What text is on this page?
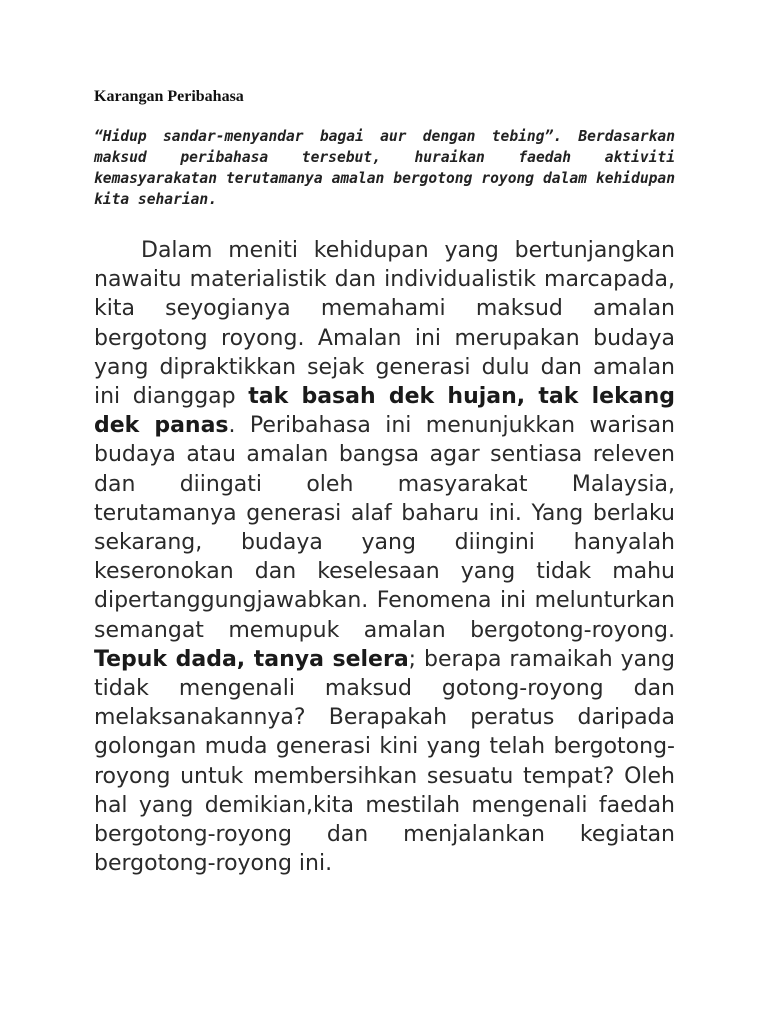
Karangan Peribahasa

“Hidup sandar-menyandar bagai aur dengan tebing”. Berdasarkan maksud peribahasa tersebut, huraikan faedah aktiviti kemasyarakatan terutamanya amalan bergotong royong dalam kehidupan kita seharian.

Dalam meniti kehidupan yang bertunjangkan nawaitu materialistik dan individualistik marcapada, kita seyogianya memahami maksud amalan bergotong royong. Amalan ini merupakan budaya yang dipraktikkan sejak generasi dulu dan amalan ini dianggap tak basah dek hujan, tak lekang dek panas. Peribahasa ini menunjukkan warisan budaya atau amalan bangsa agar sentiasa releven dan diingati oleh masyarakat Malaysia, terutamanya generasi alaf baharu ini. Yang berlaku sekarang, budaya yang diingini hanyalah keseronokan dan keselesaan yang tidak mahu dipertanggungjawabkan. Fenomena ini melunturkan semangat memupuk amalan bergotong-royong. Tepuk dada, tanya selera; berapa ramaikah yang tidak mengenali maksud gotong-royong dan melaksanakannya? Berapakah peratus daripada golongan muda generasi kini yang telah bergotong-royong untuk membersihkan sesuatu tempat? Oleh hal yang demikian,kita mestilah mengenali faedah bergotong-royong dan menjalankan kegiatan bergotong-royong ini.
